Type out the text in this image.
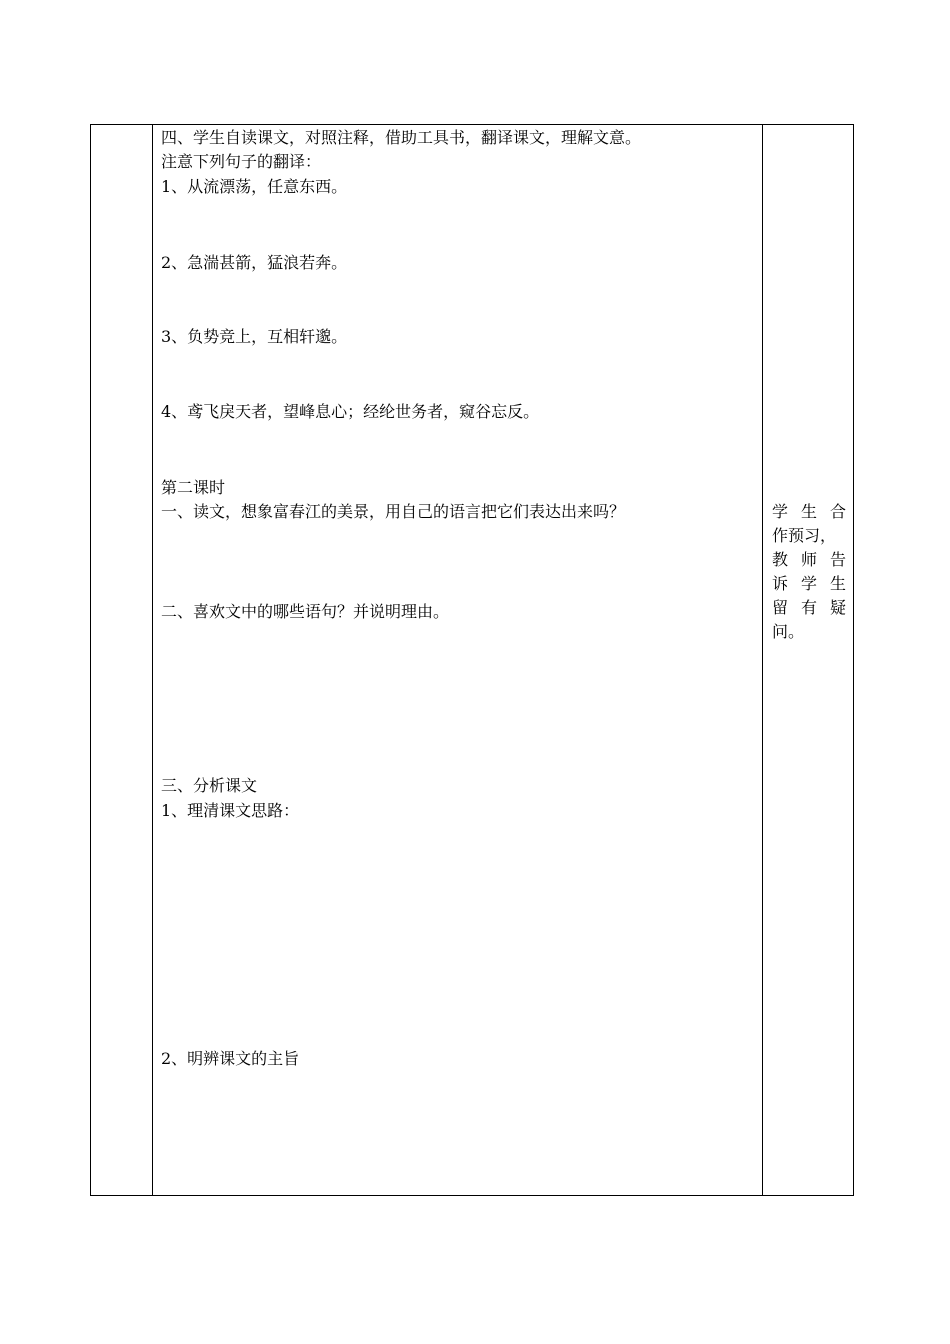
四、学生自读课文，对照注释，借助工具书，翻译课文，理解文意。
注意下列句子的翻译：
1、从流漂荡，任意东西。
2、急湍甚箭，猛浪若奔。
3、负势竞上，互相轩邈。
4、鸢飞戾天者，望峰息心；经纶世务者，窥谷忘反。
第二课时
一、读文，想象富春江的美景，用自己的语言把它们表达出来吗？
二、喜欢文中的哪些语句？并说明理由。
三、分析课文
1、理清课文思路：
2、明辨课文的主旨
学 生 合
作预习，
教 师 告
诉 学 生
留 有 疑
问。
